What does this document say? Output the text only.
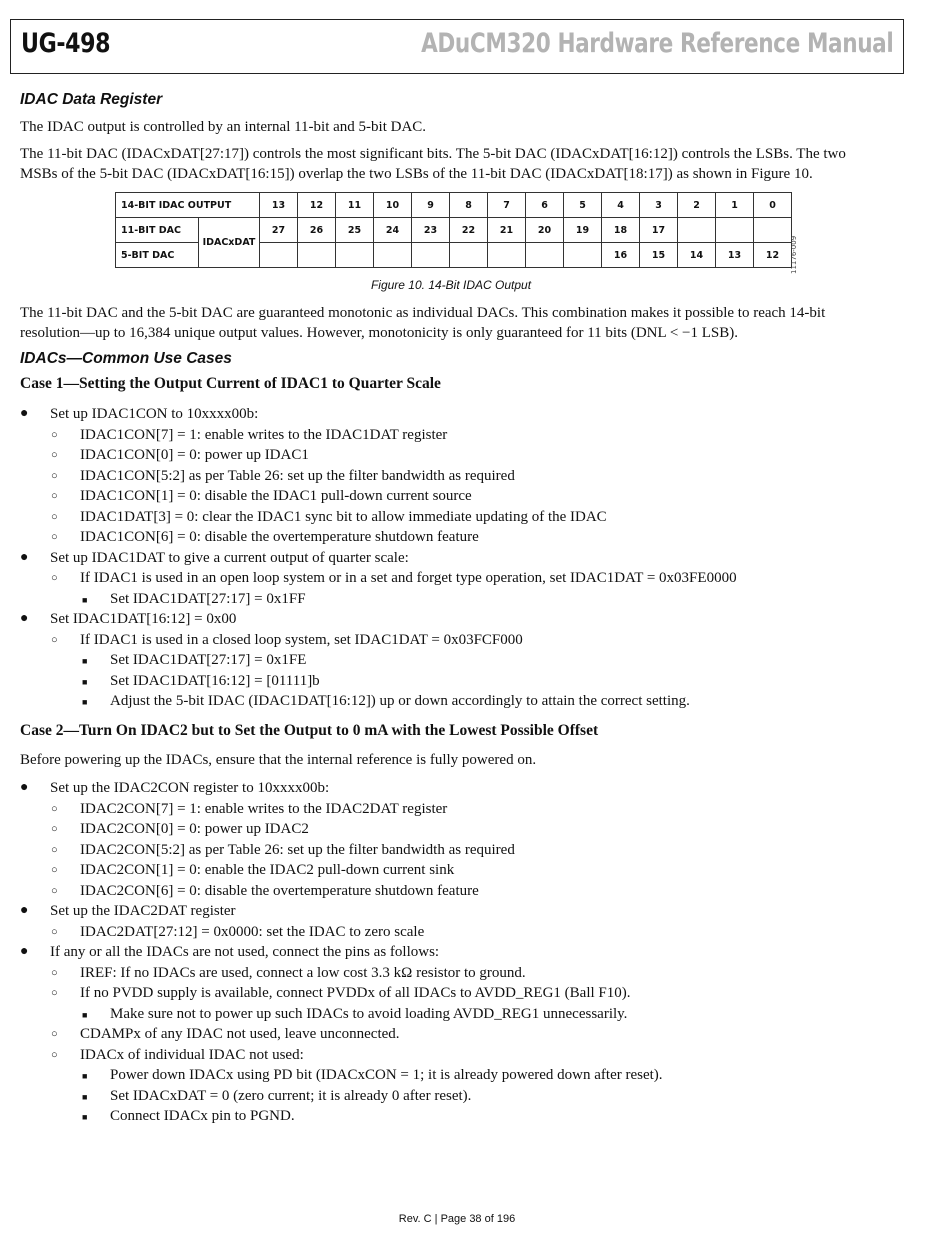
UG-498	ADuCM320 Hardware Reference Manual
IDAC Data Register

The IDAC output is controlled by an internal 11-bit and 5-bit DAC.

The 11-bit DAC (IDACxDAT[27:17]) controls the most significant bits. The 5-bit DAC (IDACxDAT[16:12]) controls the LSBs. The two

MSBs of the 5-bit DAC (IDACxDAT[16:15]) overlap the two LSBs of the 11-bit DAC (IDACxDAT[18:17]) as shown in Figure 10.

14-BIT IDAC OUTPUT		13	12	11	10	9	8	7	6	5	4	3	2	1	0
11-BIT DAC	IDACxDAT	27	26	25	24	23	22	21	20	19	18	17			
5-BIT DAC											16	15	14	13	12 11176-009
Figure 10. 14-Bit IDAC Output

The 11-bit DAC and the 5-bit DAC are guaranteed monotonic as individual DACs. This combination makes it possible to reach 14-bit

resolution—up to 16,384 unique output values. However, monotonicity is only guaranteed for 11 bits (DNL < −1 LSB).

IDACs—Common Use Cases
Case 1—Setting the Output Current of IDAC1 to Quarter Scale
● Set up IDAC1CON to 10xxxx00b:
○ IDAC1CON[7] = 1: enable writes to the IDAC1DAT register
○ IDAC1CON[0] = 0: power up IDAC1
○ IDAC1CON[5:2] as per Table 26: set up the filter bandwidth as required
○ IDAC1CON[1] = 0: disable the IDAC1 pull-down current source
○ IDAC1DAT[3] = 0: clear the IDAC1 sync bit to allow immediate updating of the IDAC
○ IDAC1CON[6] = 0: disable the overtemperature shutdown feature
● Set up IDAC1DAT to give a current output of quarter scale:
○ If IDAC1 is used in an open loop system or in a set and forget type operation, set IDAC1DAT = 0x03FE0000
■ Set IDAC1DAT[27:17] = 0x1FF
● Set IDAC1DAT[16:12] = 0x00
○ If IDAC1 is used in a closed loop system, set IDAC1DAT = 0x03FCF000
■ Set IDAC1DAT[27:17] = 0x1FE
■ Set IDAC1DAT[16:12] = [01111]b
■ Adjust the 5-bit IDAC (IDAC1DAT[16:12]) up or down accordingly to attain the correct setting.
Case 2—Turn On IDAC2 but to Set the Output to 0 mA with the Lowest Possible Offset

Before powering up the IDACs, ensure that the internal reference is fully powered on.

● Set up the IDAC2CON register to 10xxxx00b:
○ IDAC2CON[7] = 1: enable writes to the IDAC2DAT register
○ IDAC2CON[0] = 0: power up IDAC2
○ IDAC2CON[5:2] as per Table 26: set up the filter bandwidth as required
○ IDAC2CON[1] = 0: enable the IDAC2 pull-down current sink
○ IDAC2CON[6] = 0: disable the overtemperature shutdown feature
● Set up the IDAC2DAT register
○ IDAC2DAT[27:12] = 0x0000: set the IDAC to zero scale
● If any or all the IDACs are not used, connect the pins as follows:
○ IREF: If no IDACs are used, connect a low cost 3.3 kΩ resistor to ground.
○ If no PVDD supply is available, connect PVDDx of all IDACs to AVDD_REG1 (Ball F10).
■ Make sure not to power up such IDACs to avoid loading AVDD_REG1 unnecessarily.
○ CDAMPx of any IDAC not used, leave unconnected.
○ IDACx of individual IDAC not used:
■ Power down IDACx using PD bit (IDACxCON = 1; it is already powered down after reset).
■ Set IDACxDAT = 0 (zero current; it is already 0 after reset).
■ Connect IDACx pin to PGND.
Rev. C | Page 38 of 196
